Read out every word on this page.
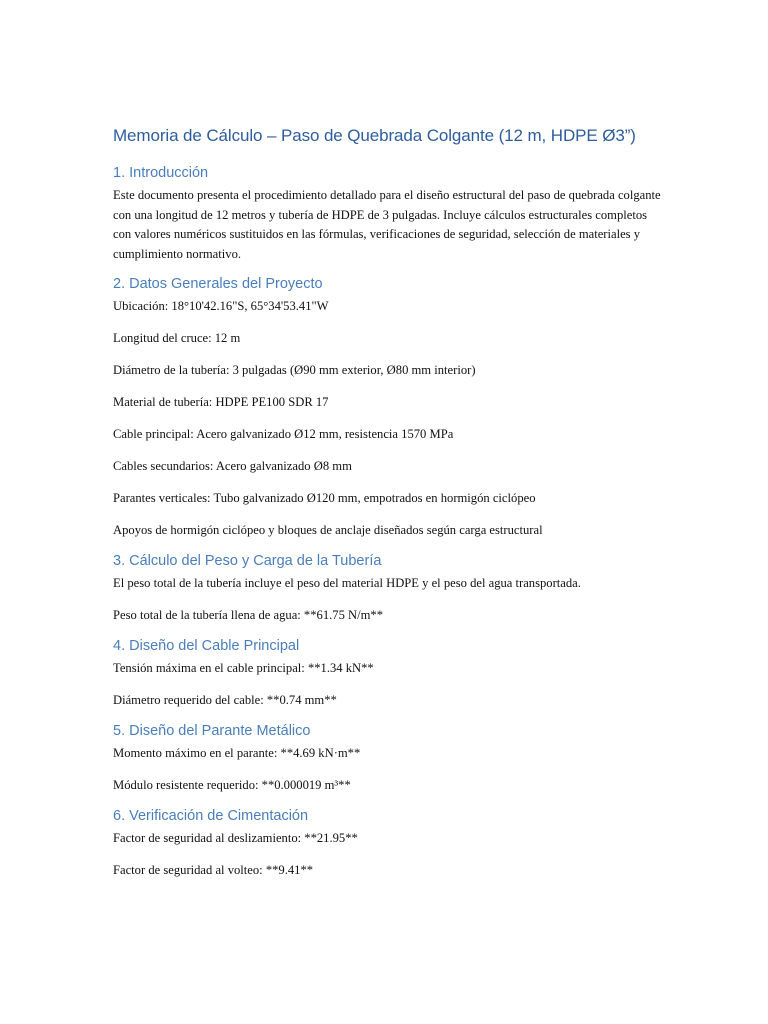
Memoria de Cálculo – Paso de Quebrada Colgante (12 m, HDPE Ø3”)
1. Introducción

Este documento presenta el procedimiento detallado para el diseño estructural del paso de quebrada colgante con una longitud de 12 metros y tubería de HDPE de 3 pulgadas. Incluye cálculos estructurales completos con valores numéricos sustituidos en las fórmulas, verificaciones de seguridad, selección de materiales y cumplimiento normativo.

2. Datos Generales del Proyecto

Ubicación: 18°10'42.16"S, 65°34'53.41"W

Longitud del cruce: 12 m

Diámetro de la tubería: 3 pulgadas (Ø90 mm exterior, Ø80 mm interior)

Material de tubería: HDPE PE100 SDR 17

Cable principal: Acero galvanizado Ø12 mm, resistencia 1570 MPa

Cables secundarios: Acero galvanizado Ø8 mm

Parantes verticales: Tubo galvanizado Ø120 mm, empotrados en hormigón ciclópeo

Apoyos de hormigón ciclópeo y bloques de anclaje diseñados según carga estructural

3. Cálculo del Peso y Carga de la Tubería

El peso total de la tubería incluye el peso del material HDPE y el peso del agua transportada.

Peso total de la tubería llena de agua: **61.75 N/m**

4. Diseño del Cable Principal

Tensión máxima en el cable principal: **1.34 kN**

Diámetro requerido del cable: **0.74 mm**

5. Diseño del Parante Metálico

Momento máximo en el parante: **4.69 kN·m**

Módulo resistente requerido: **0.000019 m³**

6. Verificación de Cimentación

Factor de seguridad al deslizamiento: **21.95**

Factor de seguridad al volteo: **9.41**
